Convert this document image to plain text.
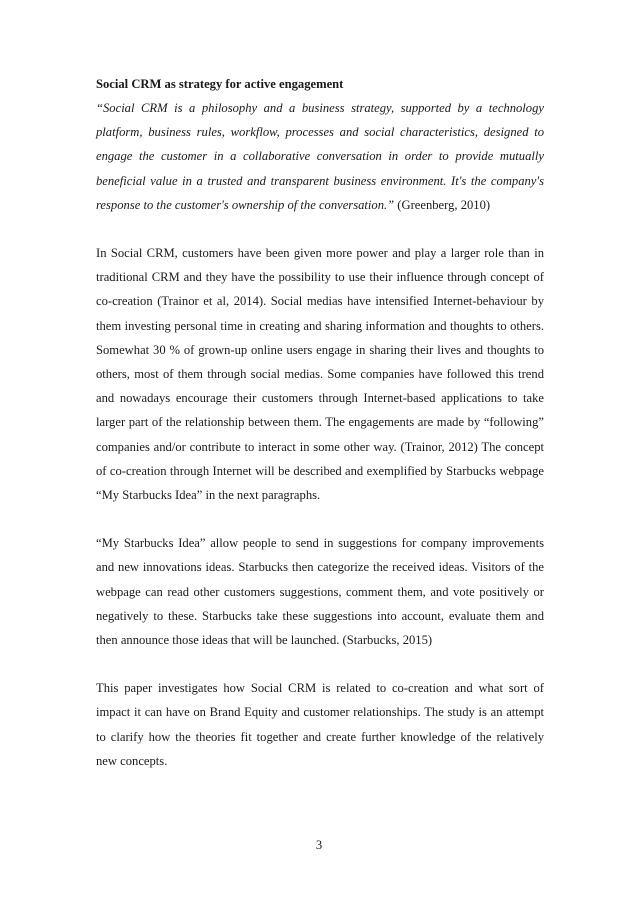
Social CRM as strategy for active engagement

“Social CRM is a philosophy and a business strategy, supported by a technology platform, business rules, workflow, processes and social characteristics, designed to engage the customer in a collaborative conversation in order to provide mutually beneficial value in a trusted and transparent business environment. It's the company's response to the customer's ownership of the conversation.” (Greenberg, 2010)

In Social CRM, customers have been given more power and play a larger role than in traditional CRM and they have the possibility to use their influence through concept of co-creation (Trainor et al, 2014). Social medias have intensified Internet-behaviour by them investing personal time in creating and sharing information and thoughts to others. Somewhat 30 % of grown-up online users engage in sharing their lives and thoughts to others, most of them through social medias. Some companies have followed this trend and nowadays encourage their customers through Internet-based applications to take larger part of the relationship between them. The engagements are made by “following” companies and/or contribute to interact in some other way. (Trainor, 2012) The concept of co-creation through Internet will be described and exemplified by Starbucks webpage “My Starbucks Idea” in the next paragraphs.

“My Starbucks Idea” allow people to send in suggestions for company improvements and new innovations ideas. Starbucks then categorize the received ideas. Visitors of the webpage can read other customers suggestions, comment them, and vote positively or negatively to these. Starbucks take these suggestions into account, evaluate them and then announce those ideas that will be launched. (Starbucks, 2015)

This paper investigates how Social CRM is related to co-creation and what sort of impact it can have on Brand Equity and customer relationships. The study is an attempt to clarify how the theories fit together and create further knowledge of the relatively new concepts.

3
